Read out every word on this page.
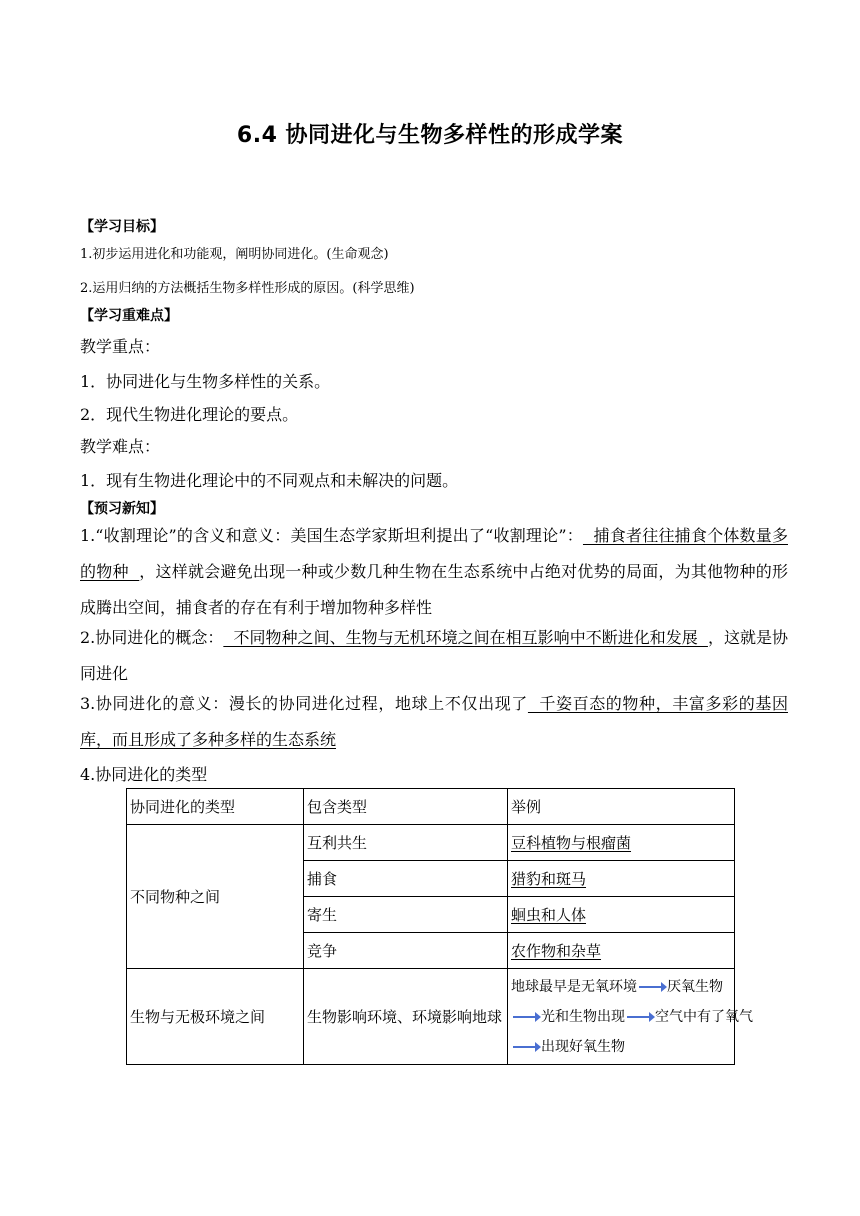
6.4 协同进化与生物多样性的形成学案
【学习目标】
1.初步运用进化和功能观，阐明协同进化。(生命观念)
2.运用归纳的方法概括生物多样性形成的原因。(科学思维)
【学习重难点】
教学重点：
1．协同进化与生物多样性的关系。
2．现代生物进化理论的要点。
教学难点：
1．现有生物进化理论中的不同观点和未解决的问题。
【预习新知】
1.“收割理论”的含义和意义：美国生态学家斯坦利提出了“收割理论”：  捕食者往往捕食个体数量多的物种  ，这样就会避免出现一种或少数几种生物在生态系统中占绝对优势的局面，为其他物种的形成腾出空间，捕食者的存在有利于增加物种多样性
2.协同进化的概念：  不同物种之间、生物与无机环境之间在相互影响中不断进化和发展  ，这就是协同进化
3.协同进化的意义：漫长的协同进化过程，地球上不仅出现了  千姿百态的物种，丰富多彩的基因库，而且形成了多种多样的生态系统
4.协同进化的类型
协同进化的类型	包含类型	举例
不同物种之间	互利共生	豆科植物与根瘤菌
	捕食	猎豹和斑马
	寄生	蛔虫和人体
	竞争	农作物和杂草
生物与无极环境之间	生物影响环境、环境影响地球	地球最早是无氧环境 厌氧生物
光和生物出现 空气中有了氧气
出现好氧生物
